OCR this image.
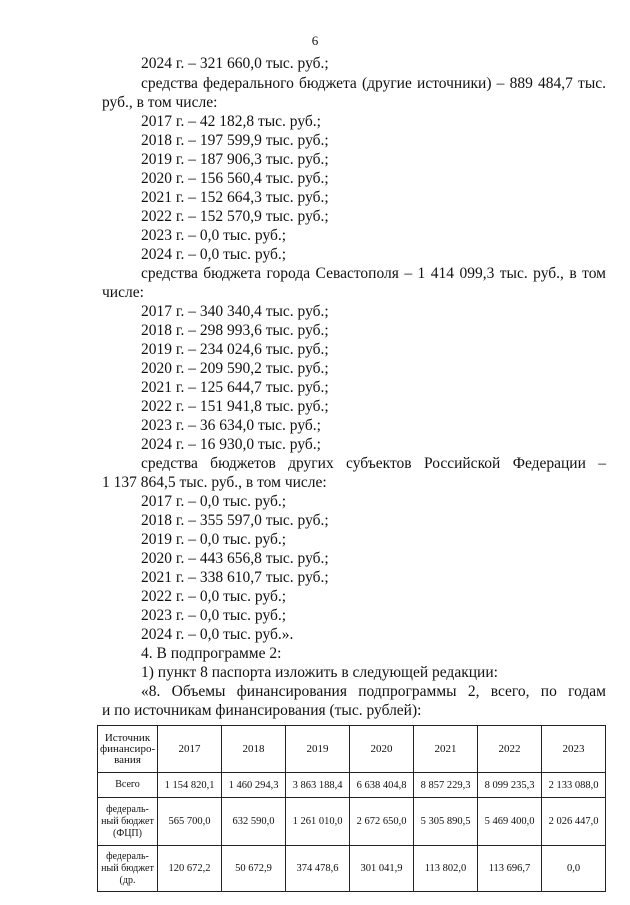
6
2024 г. – 321 660,0 тыс. руб.;
средства федерального бюджета (другие источники) – 889 484,7 тыс.
руб., в том числе:
2017 г. – 42 182,8 тыс. руб.;
2018 г. – 197 599,9 тыс. руб.;
2019 г. – 187 906,3 тыс. руб.;
2020 г. – 156 560,4 тыс. руб.;
2021 г. – 152 664,3 тыс. руб.;
2022 г. – 152 570,9 тыс. руб.;
2023 г. – 0,0 тыс. руб.;
2024 г. – 0,0 тыс. руб.;
средства бюджета города Севастополя – 1 414 099,3 тыс. руб., в том
числе:
2017 г. – 340 340,4 тыс. руб.;
2018 г. – 298 993,6 тыс. руб.;
2019 г. – 234 024,6 тыс. руб.;
2020 г. – 209 590,2 тыс. руб.;
2021 г. – 125 644,7 тыс. руб.;
2022 г. – 151 941,8 тыс. руб.;
2023 г. – 36 634,0 тыс. руб.;
2024 г. – 16 930,0 тыс. руб.;
средства бюджетов других субъектов Российской Федерации –
1 137 864,5 тыс. руб., в том числе:
2017 г. – 0,0 тыс. руб.;
2018 г. – 355 597,0 тыс. руб.;
2019 г. – 0,0 тыс. руб.;
2020 г. – 443 656,8 тыс. руб.;
2021 г. – 338 610,7 тыс. руб.;
2022 г. – 0,0 тыс. руб.;
2023 г. – 0,0 тыс. руб.;
2024 г. – 0,0 тыс. руб.».
4. В подпрограмме 2:
1) пункт 8 паспорта изложить в следующей редакции:
«8. Объемы финансирования подпрограммы 2, всего, по годам
и по источникам финансирования (тыс. рублей):
Источник финансиро-вания	2017	2018	2019	2020	2021	2022	2023
Всего	1 154 820,1	1 460 294,3	3 863 188,4	6 638 404,8	8 857 229,3	8 099 235,3	2 133 088,0
федераль-ный бюджет (ФЦП)	565 700,0	632 590,0	1 261 010,0	2 672 650,0	5 305 890,5	5 469 400,0	2 026 447,0
федераль-ный бюджет (др.	120 672,2	50 672,9	374 478,6	301 041,9	113 802,0	113 696,7	0,0
